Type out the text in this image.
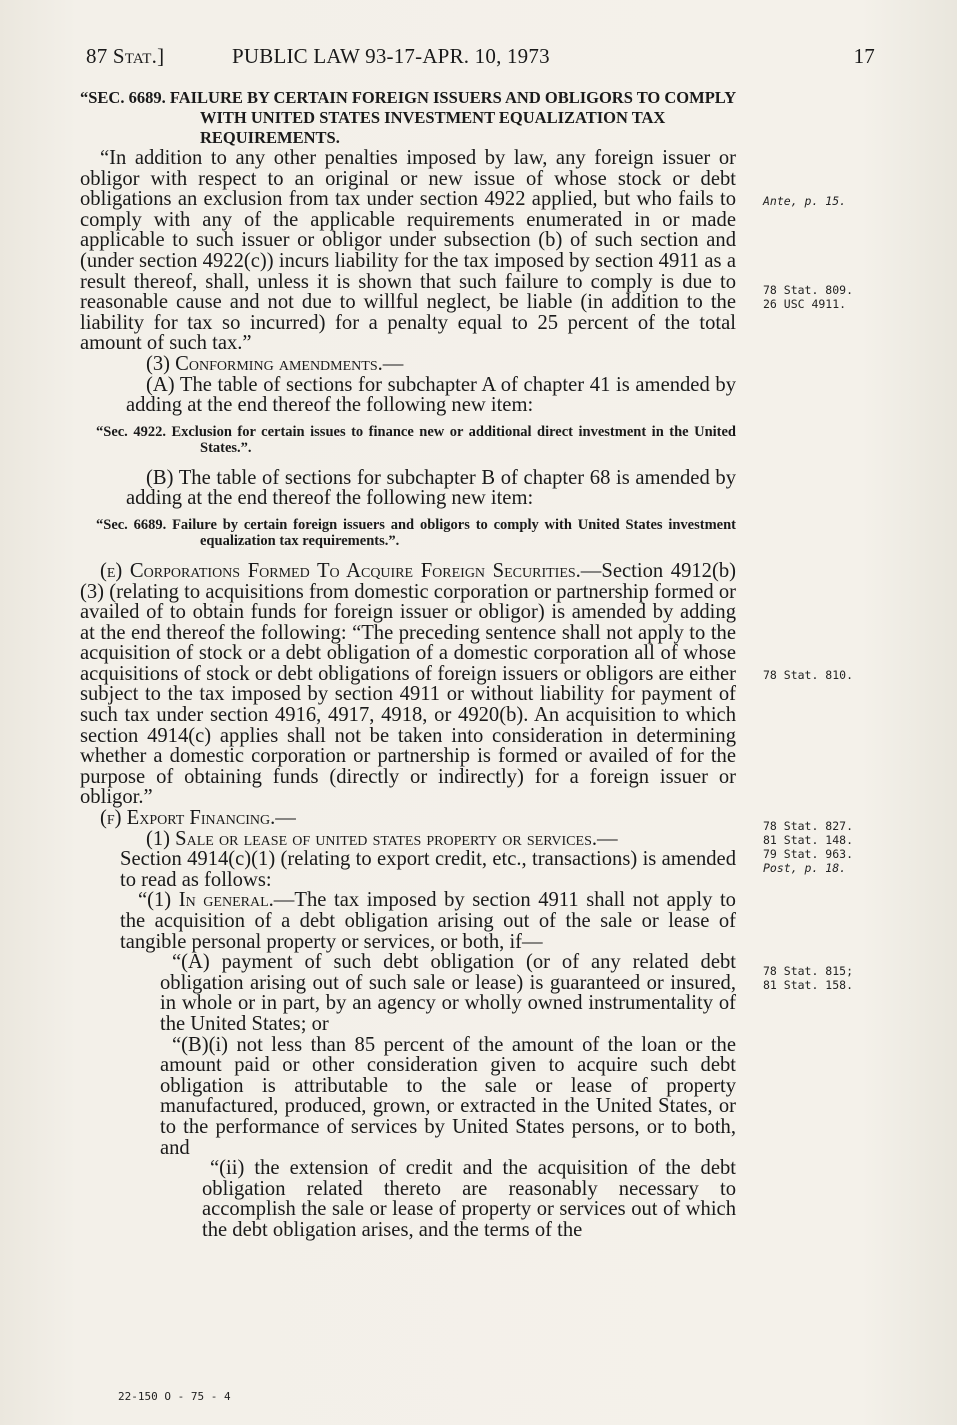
87 Stat.]	PUBLIC LAW 93-17-APR. 10, 1973	17

“SEC. 6689. FAILURE BY CERTAIN FOREIGN ISSUERS AND OBLIGORS TO COMPLY WITH UNITED STATES INVESTMENT EQUALIZATION TAX REQUIREMENTS.

“In addition to any other penalties imposed by law, any foreign issuer or obligor with respect to an original or new issue of whose stock or debt obligations an exclusion from tax under section 4922 applied, but who fails to comply with any of the applicable requirements enumerated in or made applicable to such issuer or obligor under subsection (b) of such section and (under section 4922(c)) incurs liability for the tax imposed by section 4911 as a result thereof, shall, unless it is shown that such failure to comply is due to reasonable cause and not due to willful neglect, be liable (in addition to the liability for tax so incurred) for a penalty equal to 25 percent of the total amount of such tax.”

(3) Conforming amendments.—

(A) The table of sections for subchapter A of chapter 41 is amended by adding at the end thereof the following new item:

“Sec. 4922. Exclusion for certain issues to finance new or additional direct investment in the United States.”.

(B) The table of sections for subchapter B of chapter 68 is amended by adding at the end thereof the following new item:

“Sec. 6689. Failure by certain foreign issuers and obligors to comply with United States investment equalization tax requirements.”.

(e) Corporations Formed To Acquire Foreign Securities.—Section 4912(b)(3) (relating to acquisitions from domestic corporation or partnership formed or availed of to obtain funds for foreign issuer or obligor) is amended by adding at the end thereof the following: “The preceding sentence shall not apply to the acquisition of stock or a debt obligation of a domestic corporation all of whose acquisitions of stock or debt obligations of foreign issuers or obligors are either subject to the tax imposed by section 4911 or without liability for payment of such tax under section 4916, 4917, 4918, or 4920(b). An acquisition to which section 4914(c) applies shall not be taken into consideration in determining whether a domestic corporation or partnership is formed or availed of for the purpose of obtaining funds (directly or indirectly) for a foreign issuer or obligor.”

(f) Export Financing.—

(1) Sale or lease of united states property or services.—

Section 4914(c)(1) (relating to export credit, etc., transactions) is amended to read as follows:

“(1) In general.—The tax imposed by section 4911 shall not apply to the acquisition of a debt obligation arising out of the sale or lease of tangible personal property or services, or both, if—

“(A) payment of such debt obligation (or of any related debt obligation arising out of such sale or lease) is guaranteed or insured, in whole or in part, by an agency or wholly owned instrumentality of the United States; or

“(B)(i) not less than 85 percent of the amount of the loan or the amount paid or other consideration given to acquire such debt obligation is attributable to the sale or lease of property manufactured, produced, grown, or extracted in the United States, or to the performance of services by United States persons, or to both, and

“(ii) the extension of credit and the acquisition of the debt obligation related thereto are reasonably necessary to accomplish the sale or lease of property or services out of which the debt obligation arises, and the terms of the

Ante, p. 15.
78 Stat. 809.
26 USC 4911.
78 Stat. 810.
78 Stat. 827.
81 Stat. 148.
79 Stat. 963.
Post, p. 18.
78 Stat. 815;
81 Stat. 158.
22-150 O - 75 - 4
